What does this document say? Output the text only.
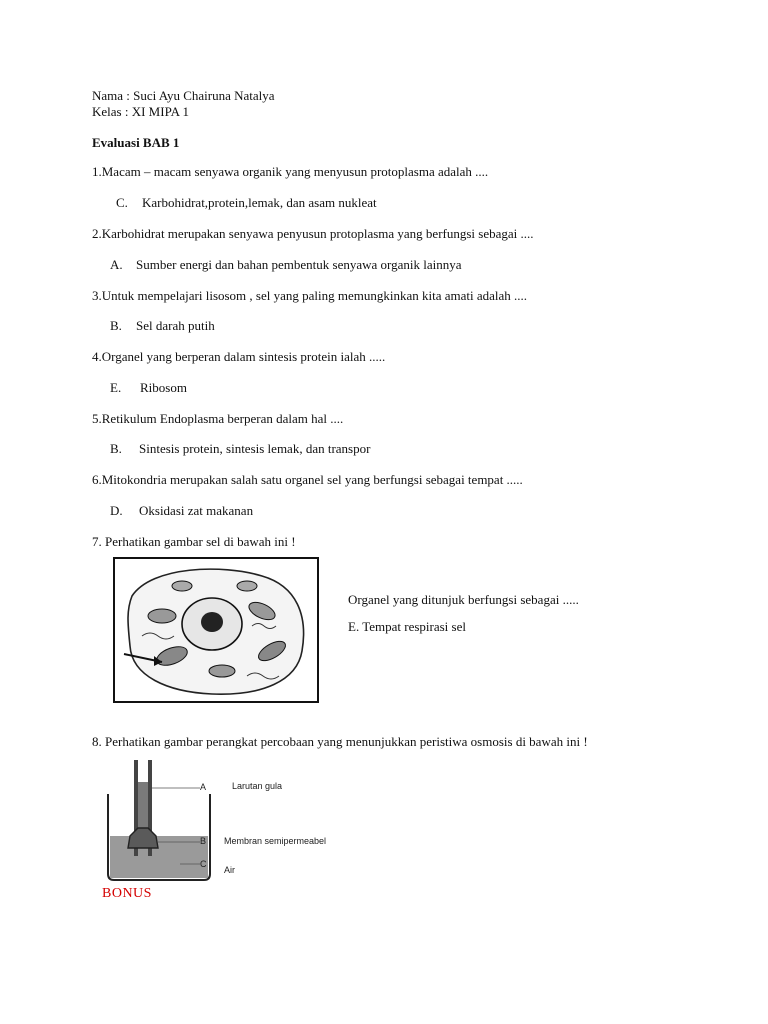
Nama : Suci Ayu Chairuna Natalya
Kelas : XI MIPA 1
Evaluasi BAB 1
1.Macam – macam senyawa organik yang menyusun protoplasma adalah ....
C. Karbohidrat,protein,lemak, dan asam nukleat
2.Karbohidrat merupakan senyawa penyusun protoplasma yang berfungsi sebagai ....
A. Sumber energi dan bahan pembentuk senyawa organik lainnya
3.Untuk mempelajari lisosom , sel yang paling memungkinkan kita amati adalah ....
B. Sel darah putih
4.Organel yang berperan dalam sintesis protein ialah .....
E. Ribosom
5.Retikulum Endoplasma berperan dalam hal ....
B. Sintesis protein, sintesis lemak, dan transpor
6.Mitokondria merupakan salah satu organel sel yang berfungsi sebagai tempat .....
D. Oksidasi zat makanan
7. Perhatikan gambar sel di bawah ini !
Organel yang ditunjuk berfungsi sebagai .....
E. Tempat respirasi sel
8. Perhatikan gambar perangkat percobaan yang menunjukkan peristiwa osmosis di bawah ini !
A	Larutan gula
B Membran semipermeabel
C
Air
BONUS
